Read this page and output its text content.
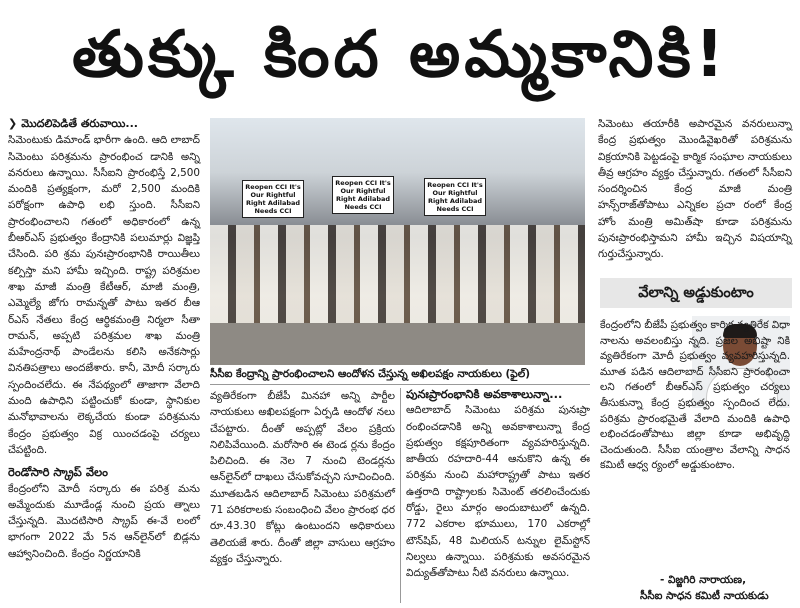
తుక్కు కింద అమ్మకానికి!
❯ మొదలిపెడితే తరువాయి...

సిమెంటుకు డిమాండ్ భారీగా ఉంది. ఆది లాబాద్ సిమెంటు పరిశ్రమను ప్రారంభించ డానికి అన్ని వనరులు ఉన్నాయి. సీసీఐని ప్రారంభిస్తే 2,500 మందికి ప్రత్యక్షంగా, మరో 2,500 మందికి పరోక్షంగా ఉపాధి లభి స్తుంది. సీసీఐని ప్రారంభించాలని గతంలో అధికారంలో ఉన్న బీఆర్ఎస్ ప్రభుత్వం కేంద్రానికి పలుమార్లు విజ్ఞప్తి చేసింది. పరి శ్రమ పునఃప్రారంభానికి రాయితీలు కల్పిస్తా మని హామీ ఇచ్చింది. రాష్ట్ర పరిశ్రమల శాఖ మాజీ మంత్రి కేటీఆర్, మాజీ మంత్రి, ఎమ్మెల్యే జోగు రామన్నతో పాటు ఇతర బీఆ ర్ఎస్ నేతలు కేంద్ర ఆర్థికమంత్రి నిర్మలా సీతా రామన్, అప్పటి పరిశ్రమల శాఖ మంత్రి మహేంద్రనాథ్ పాండేలను కలిసి అనేకసార్లు వినతిపత్రాలు అందజేశారు. కానీ, మోదీ సర్కారు స్పందించలేదు. ఈ నేపథ్యంలో తాజాగా వేలాది మంది ఉపాధిని పట్టించుకో కుండా, స్థానికుల మనోభావాలను లెక్కచేయ కుండా పరిశ్రమను కేంద్రం ప్రభుత్వం విక్ర యించడంపై చర్యలు చేపట్టింది.

రెండోసారి స్క్రాప్ వేలం

కేంద్రంలోని మోదీ సర్కారు ఈ పరిశ్ర మను అమ్మేందుకు మూడేండ్ల నుంచి ప్రయ త్నాలు చేస్తున్నది. మొదటిసారి స్క్రాప్ ఈ-వే లంలో భాగంగా 2022 మే 5న ఆన్‌లైన్‌లో బిడ్లను ఆహ్వానించింది. కేంద్రం నిర్ణయానికి

Reopen CCI It's Our Rightful Right Adilabad Needs CCI
Reopen CCI It's Our Rightful Right Adilabad Needs CCI
Reopen CCI It's Our Rightful Right Adilabad Needs CCI
సీసీఐ కేంద్రాన్ని ప్రారంభించాలని ఆందోళన చేస్తున్న అఖిలపక్షం నాయకులు (ఫైల్)

వ్యతిరేకంగా బీజేపీ మినహా అన్ని పార్టీల నాయకులు అఖిలపక్షంగా ఏర్పడి ఆందోళ నలు చేపట్టారు. దీంతో అప్పట్లో వేలం ప్రక్రియ నిలిపివేయింది. మరోసారి ఈ టెండ ర్లను కేంద్రం పిలిచింది. ఈ నెల 7 నుంచి టెండర్లను ఆన్‌లైన్‌లో దాఖలు చేసుకోవచ్చని సూచించింది. మూతబడిన ఆదిలాబాద్ సిమెంటు పరిశ్రమలో 71 పరికరాలకు సంబంధించి వేలం ప్రారంభ ధర రూ.43.30 కోట్లు ఉంటుందని అధికారులు తెలియజే శారు. దీంతో జిల్లా వాసులు ఆగ్రహం వ్యక్తం చేస్తున్నారు.

పునఃప్రారంభానికి అవకాశాలున్నా...

ఆదిలాబాద్ సిమెంటు పరిశ్రమ పునఃప్రా రంభించడానికి అన్ని అవకాశాలున్నా కేంద్ర ప్రభుత్వం కక్షపూరితంగా వ్యవహరిస్తున్నది. జాతీయ రహదారి-44 ఆనుకొని ఉన్న ఈ పరిశ్రమ నుంచి మహారాష్ట్రతో పాటు ఇతర ఉత్తరాది రాష్ట్రాలకు సిమెంట్ తరలించేందుకు రోడ్డు, రైలు మార్గం అందుబాటులో ఉన్నది. 772 ఎకరాల భూములు, 170 ఎకరాల్లో టౌన్‌షిప్, 48 మిలియన్ టన్నుల లైమ్‌స్టోన్ నిల్వలు ఉన్నాయి. పరిశ్రమకు అవసరమైన విద్యుత్‌తోపాటు నీటి వనరులు ఉన్నాయి.

సిమెంటు తయారీకి అపారమైన వనరులున్నా కేంద్ర ప్రభుత్వం మొండివైఖరితో పరిశ్రమను విక్రయానికి పెట్టడంపై కార్మిక సంఘాల నాయకులు తీవ్ర ఆగ్రహం వ్యక్తం చేస్తున్నారు. గతంలో సీసీఐని సందర్శించిన కేంద్ర మాజీ మంత్రి హన్స్‌రాజ్‌తోపాటు ఎన్నికల ప్రచా రంలో కేంద్ర హోం మంత్రి అమిత్‌షా కూడా పరిశ్రమను పునఃప్రారంభిస్తామని హామీ ఇచ్చిన విషయాన్ని గుర్తుచేస్తున్నారు.

వేలాన్ని అడ్డుకుంటాం

కేంద్రంలోని బీజేపీ ప్రభుత్వం కార్మిక వ్యతిరేక విధా నాలను అవలంబిస్తు న్నది. ప్రజల అభిష్టా నికి వ్యతిరేకంగా మోదీ ప్రభుత్వం వ్యవహరిస్తున్నది. మూత పడిన ఆదిలాబాద్ సీసీఐని ప్రారంభించా లని గతంలో బీఆర్ఎస్ ప్రభుత్వం చర్యలు తీసుకున్నా కేంద్ర ప్రభుత్వం స్పందించ లేదు. పరిశ్రమ ప్రారంభమైతే వేలాది మందికి ఉపాధి లభించడంతోపాటు జిల్లా కూడా అభివృద్ధి చెందుతుంది. సీసీఐ యంత్రాల వేలాన్ని సాధన కమిటీ ఆధ్వ ర్యంలో అడ్డుకుంటాం.

- విజ్జగిరి నారాయణ,
సీసీఐ సాధన కమిటీ నాయకుడు
